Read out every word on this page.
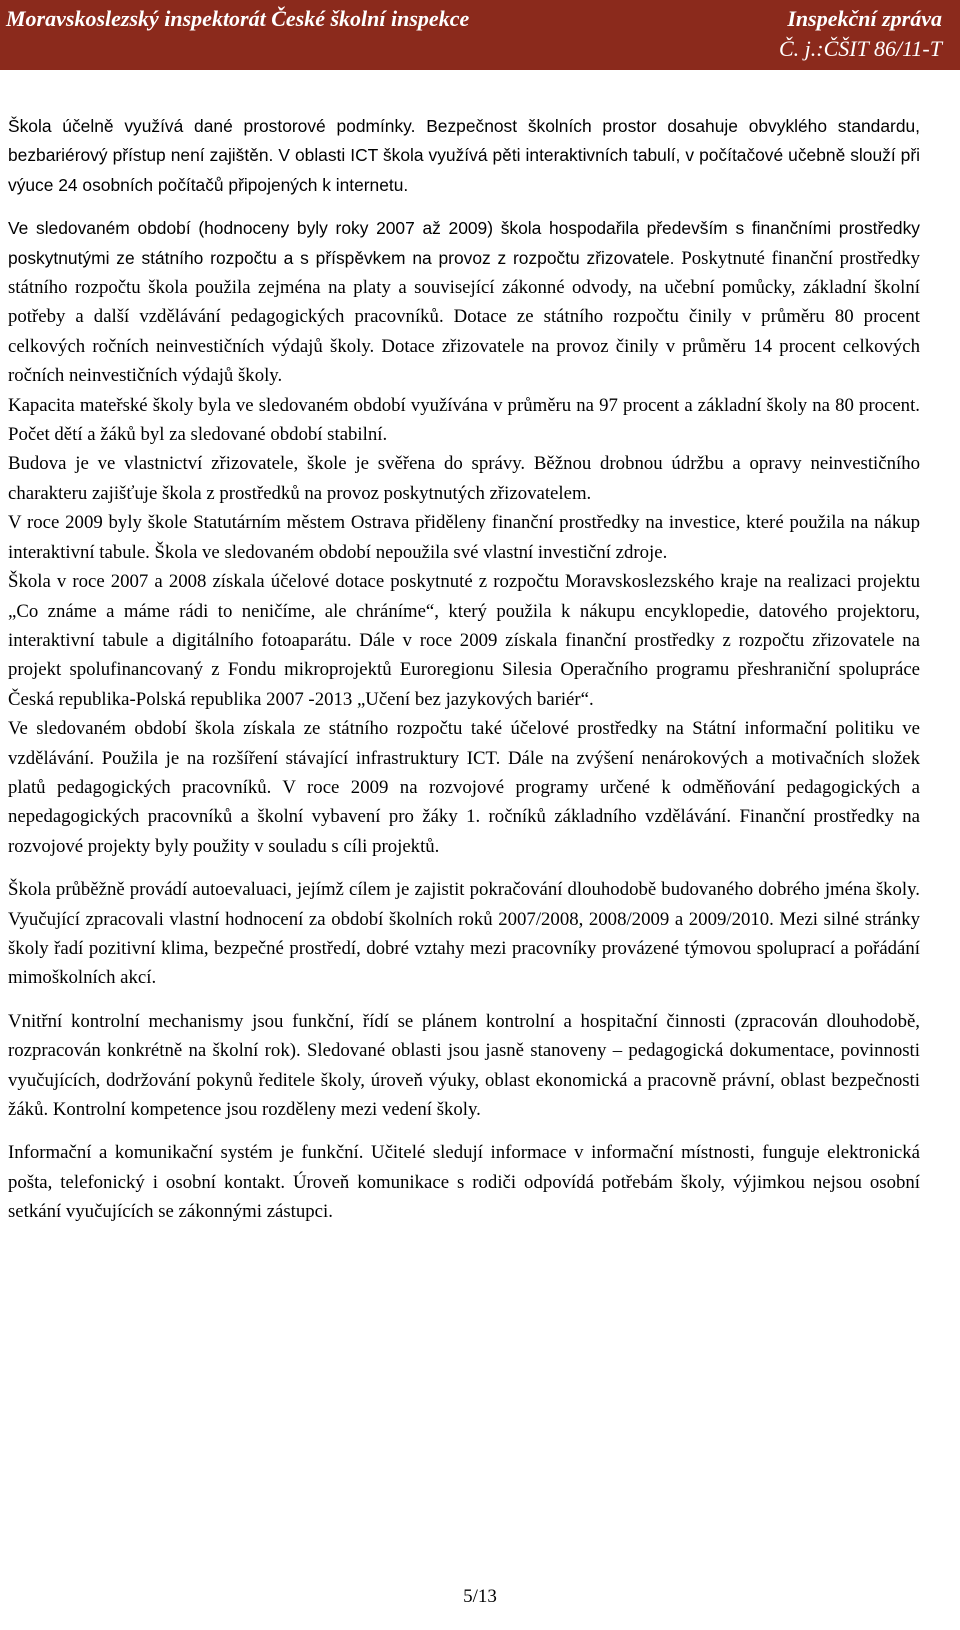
Moravskoslezský inspektorát České školní inspekce	Inspekční zpráva
Č. j.:ČŠIT 86/11-T

Škola účelně využívá dané prostorové podmínky. Bezpečnost školních prostor dosahuje obvyklého standardu, bezbariérový přístup není zajištěn. V oblasti ICT škola využívá pěti interaktivních tabulí, v počítačové učebně slouží při výuce 24 osobních počítačů připojených k internetu.

Ve sledovaném období (hodnoceny byly roky 2007 až 2009) škola hospodařila především s finančními prostředky poskytnutými ze státního rozpočtu a s příspěvkem na provoz z rozpočtu zřizovatele. Poskytnuté finanční prostředky státního rozpočtu škola použila zejména na platy a související zákonné odvody, na učební pomůcky, základní školní potřeby a další vzdělávání pedagogických pracovníků. Dotace ze státního rozpočtu činily v průměru 80 procent celkových ročních neinvestičních výdajů školy. Dotace zřizovatele na provoz činily v průměru 14 procent celkových ročních neinvestičních výdajů školy.

Kapacita mateřské školy byla ve sledovaném období využívána v průměru na 97 procent a základní školy na 80 procent. Počet dětí a žáků byl za sledované období stabilní.

Budova je ve vlastnictví zřizovatele, škole je svěřena do správy. Běžnou drobnou údržbu a opravy neinvestičního charakteru zajišťuje škola z prostředků na provoz poskytnutých zřizovatelem.

V roce 2009 byly škole Statutárním městem Ostrava přiděleny finanční prostředky na investice, které použila na nákup interaktivní tabule. Škola ve sledovaném období nepoužila své vlastní investiční zdroje.

Škola v roce 2007 a 2008 získala účelové dotace poskytnuté z rozpočtu Moravskoslezského kraje na realizaci projektu „Co známe a máme rádi to neničíme, ale chráníme“, který použila k nákupu encyklopedie, datového projektoru, interaktivní tabule a digitálního fotoaparátu. Dále v roce 2009 získala finanční prostředky z rozpočtu zřizovatele na projekt spolufinancovaný z Fondu mikroprojektů Euroregionu Silesia Operačního programu přeshraniční spolupráce Česká republika-Polská republika 2007 -2013 „Učení bez jazykových bariér“.

Ve sledovaném období škola získala ze státního rozpočtu také účelové prostředky na Státní informační politiku ve vzdělávání. Použila je na rozšíření stávající infrastruktury ICT. Dále na zvýšení nenárokových a motivačních složek platů pedagogických pracovníků. V roce 2009 na rozvojové programy určené k odměňování pedagogických a nepedagogických pracovníků a školní vybavení pro žáky 1. ročníků základního vzdělávání. Finanční prostředky na rozvojové projekty byly použity v souladu s cíli projektů.

Škola průběžně provádí autoevaluaci, jejímž cílem je zajistit pokračování dlouhodobě budovaného dobrého jména školy. Vyučující zpracovali vlastní hodnocení za období školních roků 2007/2008, 2008/2009 a 2009/2010. Mezi silné stránky školy řadí pozitivní klima, bezpečné prostředí, dobré vztahy mezi pracovníky provázené týmovou spoluprací a pořádání mimoškolních akcí.

Vnitřní kontrolní mechanismy jsou funkční, řídí se plánem kontrolní a hospitační činnosti (zpracován dlouhodobě, rozpracován konkrétně na školní rok). Sledované oblasti jsou jasně stanoveny – pedagogická dokumentace, povinnosti vyučujících, dodržování pokynů ředitele školy, úroveň výuky, oblast ekonomická a pracovně právní, oblast bezpečnosti žáků. Kontrolní kompetence jsou rozděleny mezi vedení školy.

Informační a komunikační systém je funkční. Učitelé sledují informace v informační místnosti, funguje elektronická pošta, telefonický i osobní kontakt. Úroveň komunikace s rodiči odpovídá potřebám školy, výjimkou nejsou osobní setkání vyučujících se zákonnými zástupci.

5/13
